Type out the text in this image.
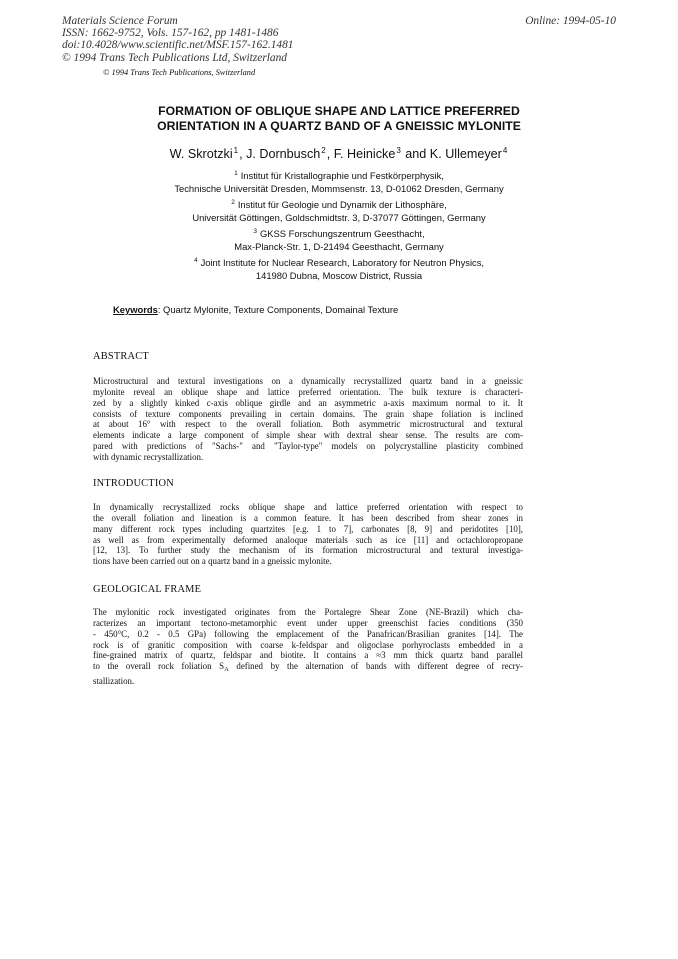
Materials Science Forum
ISSN: 1662-9752, Vols. 157-162, pp 1481-1486
doi:10.4028/www.scientific.net/MSF.157-162.1481
© 1994 Trans Tech Publications Ltd, Switzerland
Online: 1994-05-10
© 1994 Trans Tech Publications, Switzerland
FORMATION OF OBLIQUE SHAPE AND LATTICE PREFERRED
ORIENTATION IN A QUARTZ BAND OF A GNEISSIC MYLONITE
W. Skrotzki$^1$, J. Dornbusch$^2$, F. Heinicke$^3$ and K. Ullemeyer$^4$
$^1$ Institut für Kristallographie und Festkörperphysik,
Technische Universität Dresden, Mommsenstr. 13, D-01062 Dresden, Germany
$^2$ Institut für Geologie und Dynamik der Lithosphäre,
Universität Göttingen, Goldschmidtstr. 3, D-37077 Göttingen, Germany
$^3$ GKSS Forschungszentrum Geesthacht,
Max-Planck-Str. 1, D-21494 Geesthacht, Germany
$^4$ Joint Institute for Nuclear Research, Laboratory for Neutron Physics,
141980 Dubna, Moscow District, Russia
Keywords: Quartz Mylonite, Texture Components, Domainal Texture
ABSTRACT
Microstructural and textural investigations on a dynamically recrystallized quartz band in a gneissic
mylonite reveal an oblique shape and lattice preferred orientation. The bulk texture is characteri-
zed by a slightly kinked c-axis oblique girdle and an asymmetric a-axis maximum normal to it. It
consists of texture components prevailing in certain domains. The grain shape foliation is inclined
at about 16° with respect to the overall foliation. Both asymmetric microstructural and textural
elements indicate a large component of simple shear with dextral shear sense. The results are com-
pared with predictions of "Sachs-" and "Taylor-type" models on polycrystalline plasticity combined
with dynamic recrystallization.
INTRODUCTION
In dynamically recrystallized rocks oblique shape and lattice preferred orientation with respect to
the overall foliation and lineation is a common feature. It has been described from shear zones in
many different rock types including quartzites [e.g. 1 to 7], carbonates [8, 9] and peridotites [10],
as well as from experimentally deformed analoque materials such as ice [11] and octachloropropane
[12, 13]. To further study the mechanism of its formation microstructural and textural investiga-
tions have been carried out on a quartz band in a gneissic mylonite.
GEOLOGICAL FRAME
The mylonitic rock investigated originates from the Portalegre Shear Zone (NE-Brazil) which cha-
racterizes an important tectono-metamorphic event under upper greenschist facies conditions (350
- 450°C, 0.2 - 0.5 GPa) following the emplacement of the Panafrican/Brasilian granites [14]. The
rock is of granitic composition with coarse k-feldspar and oligoclase porhyroclasts embedded in a
fine-grained matrix of quartz, feldspar and biotite. It contains a ≈3 mm thick quartz band parallel
to the overall rock foliation $S_A$ defined by the alternation of bands with different degree of recry-
stallization.
